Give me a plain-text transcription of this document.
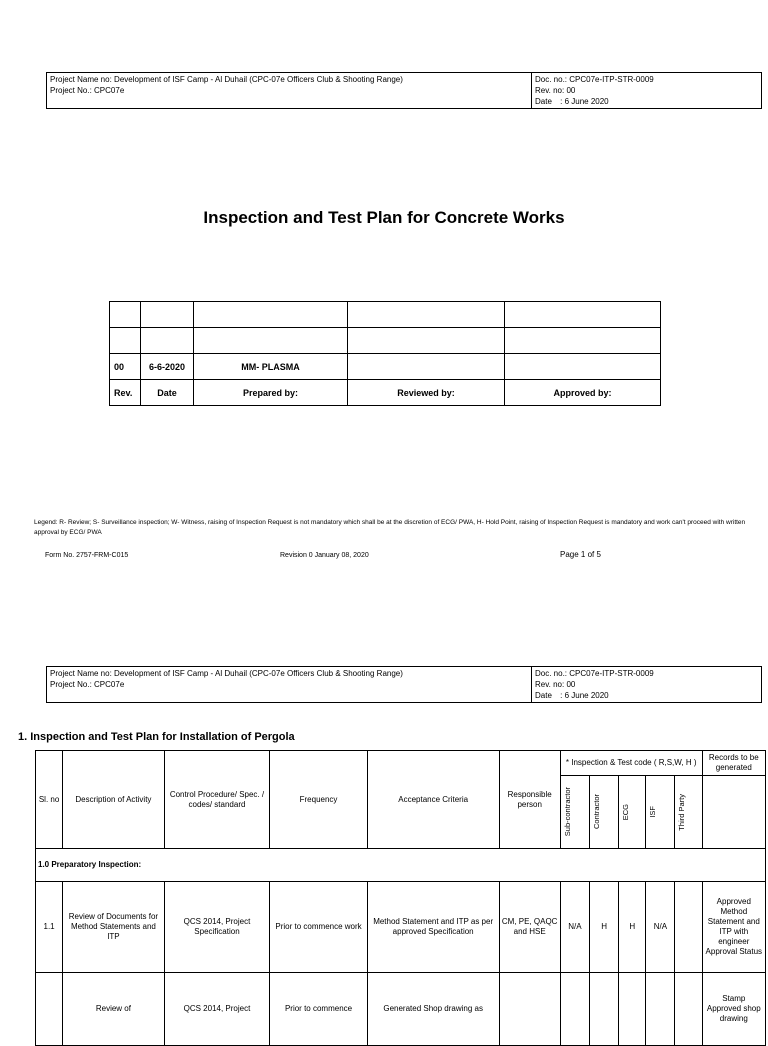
Project Name no: Development of ISF Camp - Al Duhail (CPC-07e Officers Club & Shooting Range)
Project No.: CPC07e	Doc. no.: CPC07e-ITP-STR-0009
Rev. no: 00
Date : 6 June 2020
Inspection and Test Plan for Concrete Works

00	6-6-2020	MM- PLASMA		
Rev.	Date	Prepared by:	Reviewed by:	Approved by:
Legend: R- Review; S- Surveillance inspection; W- Witness, raising of Inspection Request is not mandatory which shall be at the discretion of ECG/ PWA, H- Hold Point, raising of Inspection Request is mandatory and work can't proceed with written approval by ECG/ PWA
Form No. 2757-FRM-C015	Revision 0 January 08, 2020	Page 1 of 5
Project Name no: Development of ISF Camp - Al Duhail (CPC-07e Officers Club & Shooting Range)
Project No.: CPC07e	Doc. no.: CPC07e-ITP-STR-0009
Rev. no: 00
Date : 6 June 2020
1. Inspection and Test Plan for Installation of Pergola
Sl. no	Description of Activity	Control Procedure/ Spec. / codes/ standard	Frequency	Acceptance Criteria	Responsible person	* Inspection & Test code ( R,S,W, H )					Records to be generated

						Sub-contractor	Contractor	ECG	ISF	Third Party	

1.0 Preparatory Inspection:											
1.1	Review of Documents for Method Statements and ITP	QCS 2014, Project Specification	Prior to commence work	Method Statement and ITP as per approved Specification	CM, PE, QAQC and HSE	N/A	H	H	N/A		Approved Method Statement and ITP with engineer Approval Status
	Review of	QCS 2014, Project	Prior to commence	Generated Shop drawing as							Stamp Approved shop drawing
